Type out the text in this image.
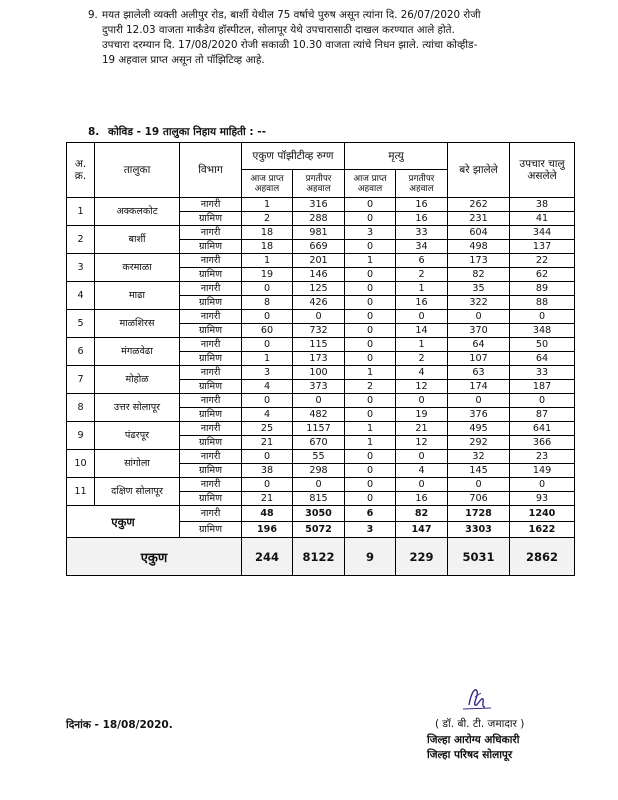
9. मयत झालेली व्यक्ती अलीपुर रोड, बार्शी येथील 75 वर्षाचे पुरुष असून त्यांना दि. 26/07/2020 रोजी
दुपारी 12.03 वाजता मार्कंडेय हॉस्पीटल, सोलापूर येथे उपचारासाठी दाखल करण्यात आले होते.
उपचारा दरम्यान दि. 17/08/2020 रोजी सकाळी 10.30 वाजता त्यांचे निधन झाले. त्यांचा कोव्हीड-
19 अहवाल प्राप्त असून तो पॉझिटिव्ह आहे.
8. कोविड - 19 तालुका निहाय माहिती : --
अ. क्र.	तालुका	विभाग	एकुण पॉझीटीव्ह रुग्ण		मृत्यु		बरे झालेले	उपचार चालु असलेले
			आज प्राप्त अहवाल	प्रगतीपर अहवाल	आज प्राप्त अहवाल	प्रगतीपर अहवाल		
1	अक्कलकोट	नागरी	1	316	0	16	262	38
		ग्रामिण	2	288	0	16	231	41
2	बार्शी	नागरी	18	981	3	33	604	344
		ग्रामिण	18	669	0	34	498	137
3	करमाळा	नागरी	1	201	1	6	173	22
		ग्रामिण	19	146	0	2	82	62
4	माढा	नागरी	0	125	0	1	35	89
		ग्रामिण	8	426	0	16	322	88
5	माळशिरस	नागरी	0	0	0	0	0	0
		ग्रामिण	60	732	0	14	370	348
6	मंगळवेढा	नागरी	0	115	0	1	64	50
		ग्रामिण	1	173	0	2	107	64
7	मोहोळ	नागरी	3	100	1	4	63	33
		ग्रामिण	4	373	2	12	174	187
8	उत्तर सोलापूर	नागरी	0	0	0	0	0	0
		ग्रामिण	4	482	0	19	376	87
9	पंढरपूर	नागरी	25	1157	1	21	495	641
		ग्रामिण	21	670	1	12	292	366
10	सांगोला	नागरी	0	55	0	0	32	23
		ग्रामिण	38	298	0	4	145	149
11	दक्षिण सोलापूर	नागरी	0	0	0	0	0	0
		ग्रामिण	21	815	0	16	706	93
एकुण		नागरी	48	3050	6	82	1728	1240
		ग्रामिण	196	5072	3	147	3303	1622
एकुण			244	8122	9	229	5031	2862
दिनांक - 18/08/2020.	( डॉ. बी. टी. जमादार )
जिल्हा आरोग्य अधिकारी
जिल्हा परिषद सोलापूर
